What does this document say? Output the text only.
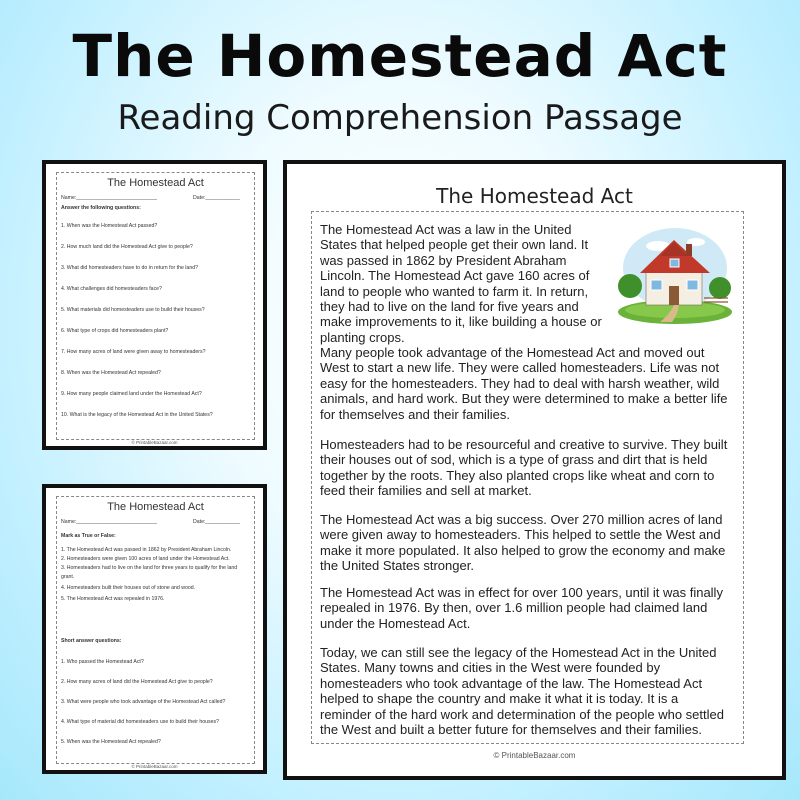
The Homestead Act
Reading Comprehension Passage
The Homestead Act
Name:____________________________	Date:____________
Answer the following questions:
1. When was the Homestead Act passed?
2. How much land did the Homestead Act give to people?
3. What did homesteaders have to do in return for the land?
4. What challenges did homesteaders face?
5. What materials did homesteaders use to build their houses?
6. What type of crops did homesteaders plant?
7. How many acres of land were given away to homesteaders?
8. When was the Homestead Act repealed?
9. How many people claimed land under the Homestead Act?
10. What is the legacy of the Homestead Act in the United States?
© PrintableBazaar.com
The Homestead Act
Name:____________________________	Date:____________
Mark as True or False:
1. The Homestead Act was passed in 1862 by President Abraham Lincoln.
2. Homesteaders were given 100 acres of land under the Homestead Act.
3. Homesteaders had to live on the land for three years to qualify for the land
grant.
4. Homesteaders built their houses out of stone and wood.
5. The Homestead Act was repealed in 1976.
Short answer questions:
1. Who passed the Homestead Act?
2. How many acres of land did the Homestead Act give to people?
3. What were people who took advantage of the Homestead Act called?
4. What type of material did homesteaders use to build their houses?
5. When was the Homestead Act repealed?
© PrintableBazaar.com
The Homestead Act

The Homestead Act was a law in the United States that helped people get their own land. It was passed in 1862 by President Abraham Lincoln. The Homestead Act gave 160 acres of land to people who wanted to farm it. In return, they had to live on the land for five years and make improvements to it, like building a house or planting crops.

Many people took advantage of the Homestead Act and moved out West to start a new life. They were called homesteaders. Life was not easy for the homesteaders. They had to deal with harsh weather, wild animals, and hard work. But they were determined to make a better life for themselves and their families.

Homesteaders had to be resourceful and creative to survive. They built their houses out of sod, which is a type of grass and dirt that is held together by the roots. They also planted crops like wheat and corn to feed their families and sell at market.

The Homestead Act was a big success. Over 270 million acres of land were given away to homesteaders. This helped to settle the West and make it more populated. It also helped to grow the economy and make the United States stronger.

The Homestead Act was in effect for over 100 years, until it was finally repealed in 1976. By then, over 1.6 million people had claimed land under the Homestead Act.

Today, we can still see the legacy of the Homestead Act in the United States. Many towns and cities in the West were founded by homesteaders who took advantage of the law. The Homestead Act helped to shape the country and make it what it is today. It is a reminder of the hard work and determination of the people who settled the West and built a better future for themselves and their families.

© PrintableBazaar.com
